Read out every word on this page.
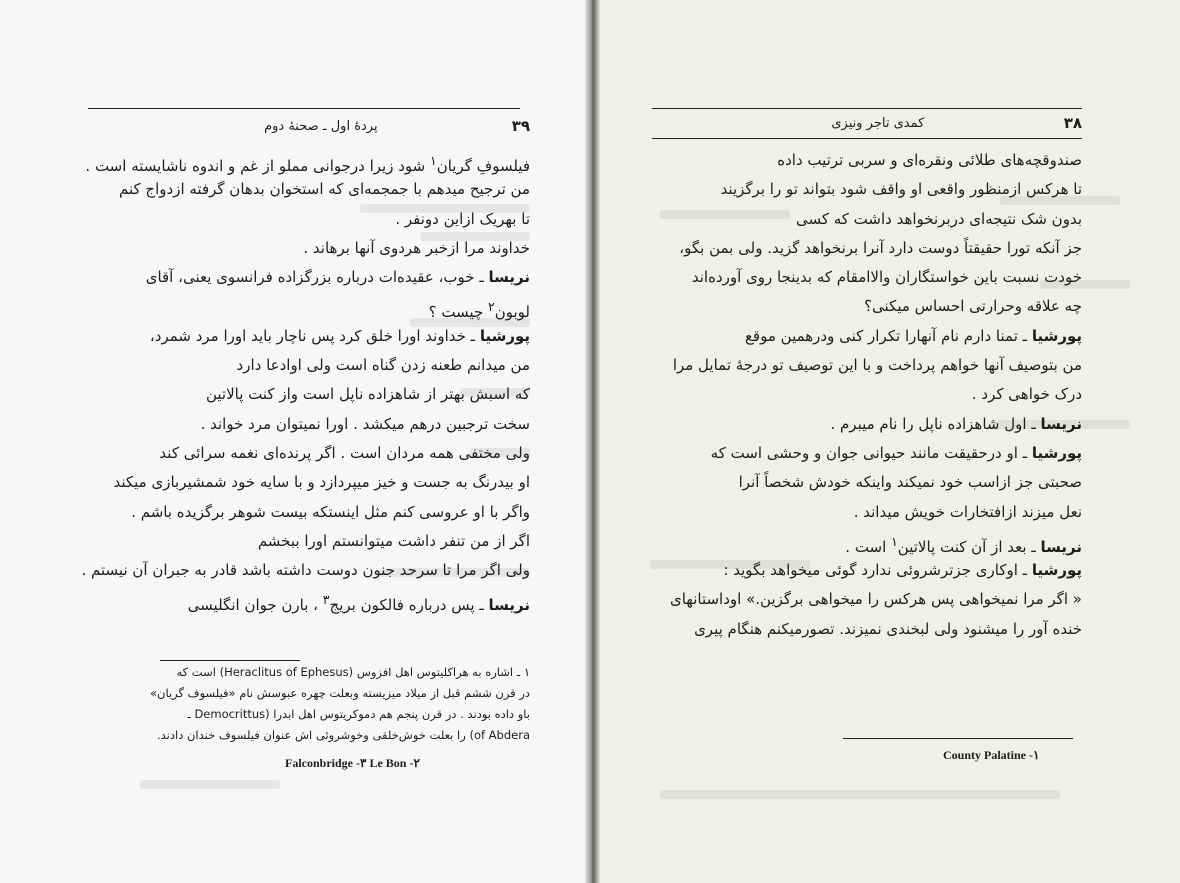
۳۹
پردهٔ اول ـ صحنهٔ دوم
فیلسوفِ گریان$^۱$ شود زیرا درجوانی مملو از غم و اندوه ناشایسته است .
من ترجیح میدهم با جمجمه‌ای که استخوان بدهان گرفته ازدواج کنم
تا بهریک ازاین دونفر .
خداوند مرا ازخبر هردوی آنها برهاند .
نریسا ـ خوب، عقیده‌ات درباره بزرگزاده فرانسوی یعنی، آقای
لوبون$^۲$ چیست ؟
پورشیا ـ خداوند اورا خلق کرد پس ناچار باید اورا مرد شمرد،
من میدانم طعنه زدن گناه است ولی اوادعا دارد
که اسبش بهتر از شاهزاده ناپل است واز کنت پالاتین
سخت ترجبین درهم میکشد . اورا نمیتوان مرد خواند .
ولی مختفی همه مردان است . اگر پرنده‌ای نغمه سرائی کند
او بیدرنگ به جست و خیز میپردازد و با سایه خود شمشیربازی میکند
واگر با او عروسی کنم مثل اینستکه بیست شوهر برگزیده باشم .
اگر از من تنفر داشت میتوانستم اورا ببخشم
ولی اگر مرا تا سرحد جنون دوست داشته باشد قادر به جبران آن نیستم .
نریسا ـ پس درباره فالکون بریج$^۳$ ، بارن جوان انگلیسی
۱ ـ اشاره به هراکلیتوس اهل افزوس (Heraclitus of Ephesus) است که
در قرن ششم قبل از میلاد میزیسته وبعلت چهره عبوسش نام «فیلسوف گریان»
باو داده بودند . در قرن پنجم هم دموکریتوس اهل ابدرا (Democrittus ـ
of Abdera) را بعلت خوش‌خلقی وخوشروئی اش عنوان فیلسوف خندان دادند.
Falconbridge -۳ Le Bon -۲
۳۸
کمدی تاجر ونیزی
صندوقچه‌های طلائی ونقره‌ای و سربی ترتیب داده
تا هرکس ازمنظور واقعی او واقف شود بتواند تو را برگزیند
بدون شک نتیجه‌ای دربرنخواهد داشت که کسی
جز آنکه تورا حقیقتاً دوست دارد آنرا برنخواهد گزید. ولی بمن بگو،
خودت نسبت باین خواستگاران والاامقام که بدینجا روی آورده‌اند
چه علاقه وحرارتی احساس میکنی؟
پورشیا ـ تمنا دارم نام آنهارا تکرار کنی ودرهمین موقع
من بتوصیف آنها خواهم پرداخت و با این توصیف تو درجهٔ تمایل مرا
درک خواهی کرد .
نریسا ـ اول شاهزاده ناپل را نام میبرم .
پورشیا ـ او درحقیقت مانند حیوانی جوان و وحشی است که
صحبتی جز ازاسب خود نمیکند واینکه خودش شخصاً آنرا
نعل میزند ازافتخارات خویش میداند .
نریسا ـ بعد از آن کنت پالاتین$^۱$ است .
پورشیا ـ اوکاری جزترشروئی ندارد گوئی میخواهد بگوید :
« اگر مرا نمیخواهی پس هرکس را میخواهی برگزین.» اوداستانهای
خنده آور را میشنود ولی لبخندی نمیزند. تصورمیکنم هنگام پیری
County Palatine -۱
